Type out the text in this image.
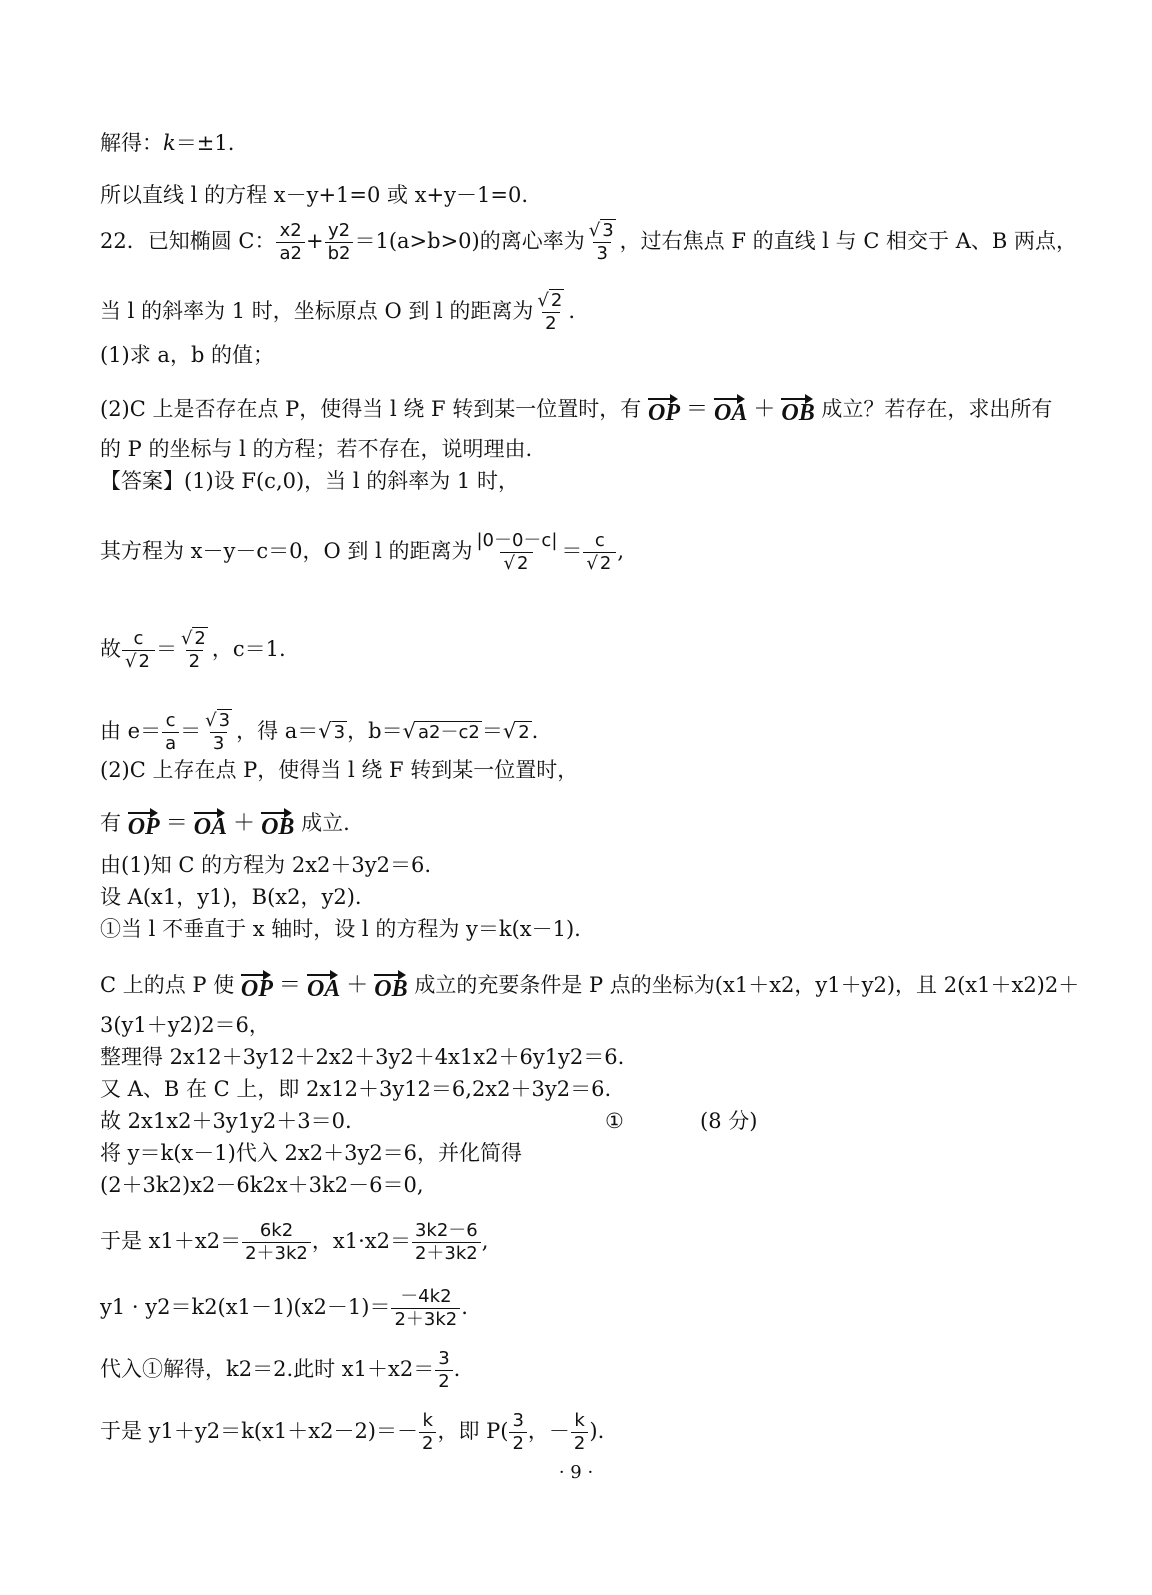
解得：k＝±1.
所以直线 l 的方程 x－y+1=0 或 x+y－1=0.
22．已知椭圆 C： $\frac{x2}{a2} + \frac{y2}{b2} =1(a>b>0)$的离心率为 $\frac{√ 3}{3}$ ，过右焦点 F 的直线 l 与 C 相交于 A、B 两点，
当 l 的斜率为 1 时，坐标原点 O 到 l 的距离为 $\frac{√ 2}{2}$ .
(1)求 a，b 的值；
(2)C 上是否存在点 P，使得当 l 绕 F 转到某一位置时，有 OP ＝ OA ＋ OB 成立？若存在，求出所有
的 P 的坐标与 l 的方程；若不存在，说明理由.
【答案】(1)设 F(c,0)，当 l 的斜率为 1 时，
其方程为 x－y－c＝0，O 到 l 的距离为 $\frac{|0-0-c|}{√ 2} = \frac{c}{√ 2}$ ,
故 $\frac{c}{√ 2} = \frac{√ 2}{2}$ ，c＝1.
由 $e= \frac{c}{a} = \frac{√ 3}{3}$ ，得 a＝√ 3，b＝√ a2－c2＝√ 2.
(2)C 上存在点 P，使得当 l 绕 F 转到某一位置时，
有 OP ＝ OA ＋ OB 成立.
由(1)知 C 的方程为 2x2＋3y2＝6.
设 A(x1，y1)，B(x2，y2).
①当 l 不垂直于 x 轴时，设 l 的方程为 y＝k(x－1).
C 上的点 P 使 OP ＝ OA ＋ OB 成立的充要条件是 P 点的坐标为(x1＋x2，y1＋y2)，且 2(x1＋x2)2＋
3(y1＋y2)2＝6，
整理得 2x12＋3y12＋2x2＋3y2＋4x1x2＋6y1y2＝6.
又 A、B 在 C 上，即 2x12＋3y12＝6,2x2＋3y2＝6.
故 2x1x2＋3y1y2＋3＝0.	①	(8 分)
将 y＝k(x－1)代入 2x2＋3y2＝6，并化简得
(2＋3k2)x2－6k2x＋3k2－6＝0,
于是 $x1+x2= \frac{6k2}{2+3k2}$ ，$x1\cdot x2= \frac{3k2-6}{2+3k2}$ ,
$y1 \cdot y2=k2(x1-1)(x2-1)= \frac{-4k2}{2+3k2}$ .
代入①解得，k2＝2.此时 $x1+x2= \frac{3}{2}$ .
于是 $y1+y2=k(x1+x2-2)=- \frac{k}{2}$ ，即 $P( \frac{3}{2}$ ，－ $\frac{k}{2}$ ).
· 9 ·
